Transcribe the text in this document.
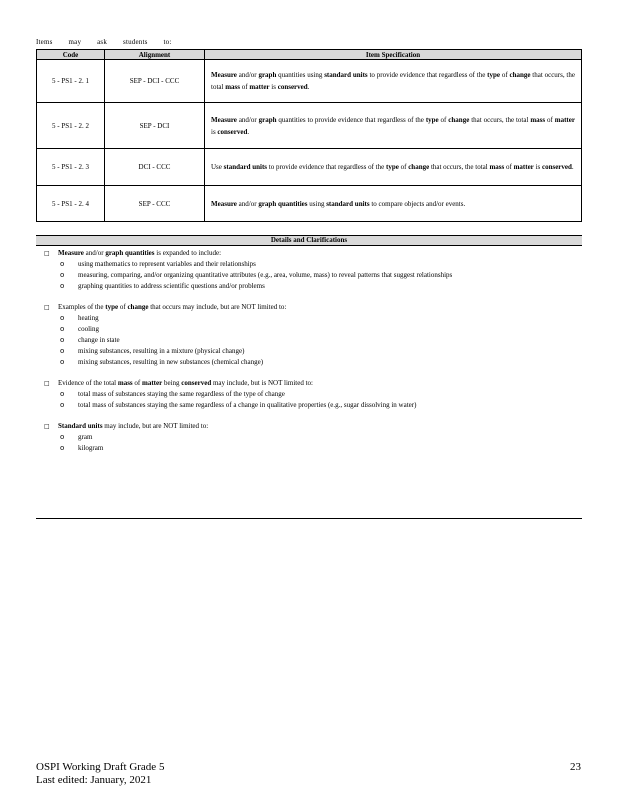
Items may ask students to:
Code	Alignment	Item Specification
5 - PS1 - 2. 1	SEP - DCI - CCC	Measure and/or graph quantities using standard units to provide evidence that regardless of the type of change that occurs, the total mass of matter is conserved.
5 - PS1 - 2. 2	SEP - DCI	Measure and/or graph quantities to provide evidence that regardless of the type of change that occurs, the total mass of matter is conserved.
5 - PS1 - 2. 3	DCI - CCC	Use standard units to provide evidence that regardless of the type of change that occurs, the total mass of matter is conserved.
5 - PS1 - 2. 4	SEP - CCC	Measure and/or graph quantities using standard units to compare objects and/or events.
Details and Clarifications
□ Measure and/or graph quantities is expanded to include:
o using mathematics to represent variables and their relationships
o measuring, comparing, and/or organizing quantitative attributes (e.g., area, volume, mass) to reveal patterns that suggest relationships
o graphing quantities to address scientific questions and/or problems
□ Examples of the type of change that occurs may include, but are NOT limited to:
o heating
o cooling
o change in state
o mixing substances, resulting in a mixture (physical change)
o mixing substances, resulting in new substances (chemical change)
□ Evidence of the total mass of matter being conserved may include, but is NOT limited to:
o total mass of substances staying the same regardless of the type of change
o total mass of substances staying the same regardless of a change in qualitative properties (e.g., sugar dissolving in water)
□ Standard units may include, but are NOT limited to:
o gram
o kilogram
OSPI Working Draft Grade 5
Last edited: January, 2021
23
